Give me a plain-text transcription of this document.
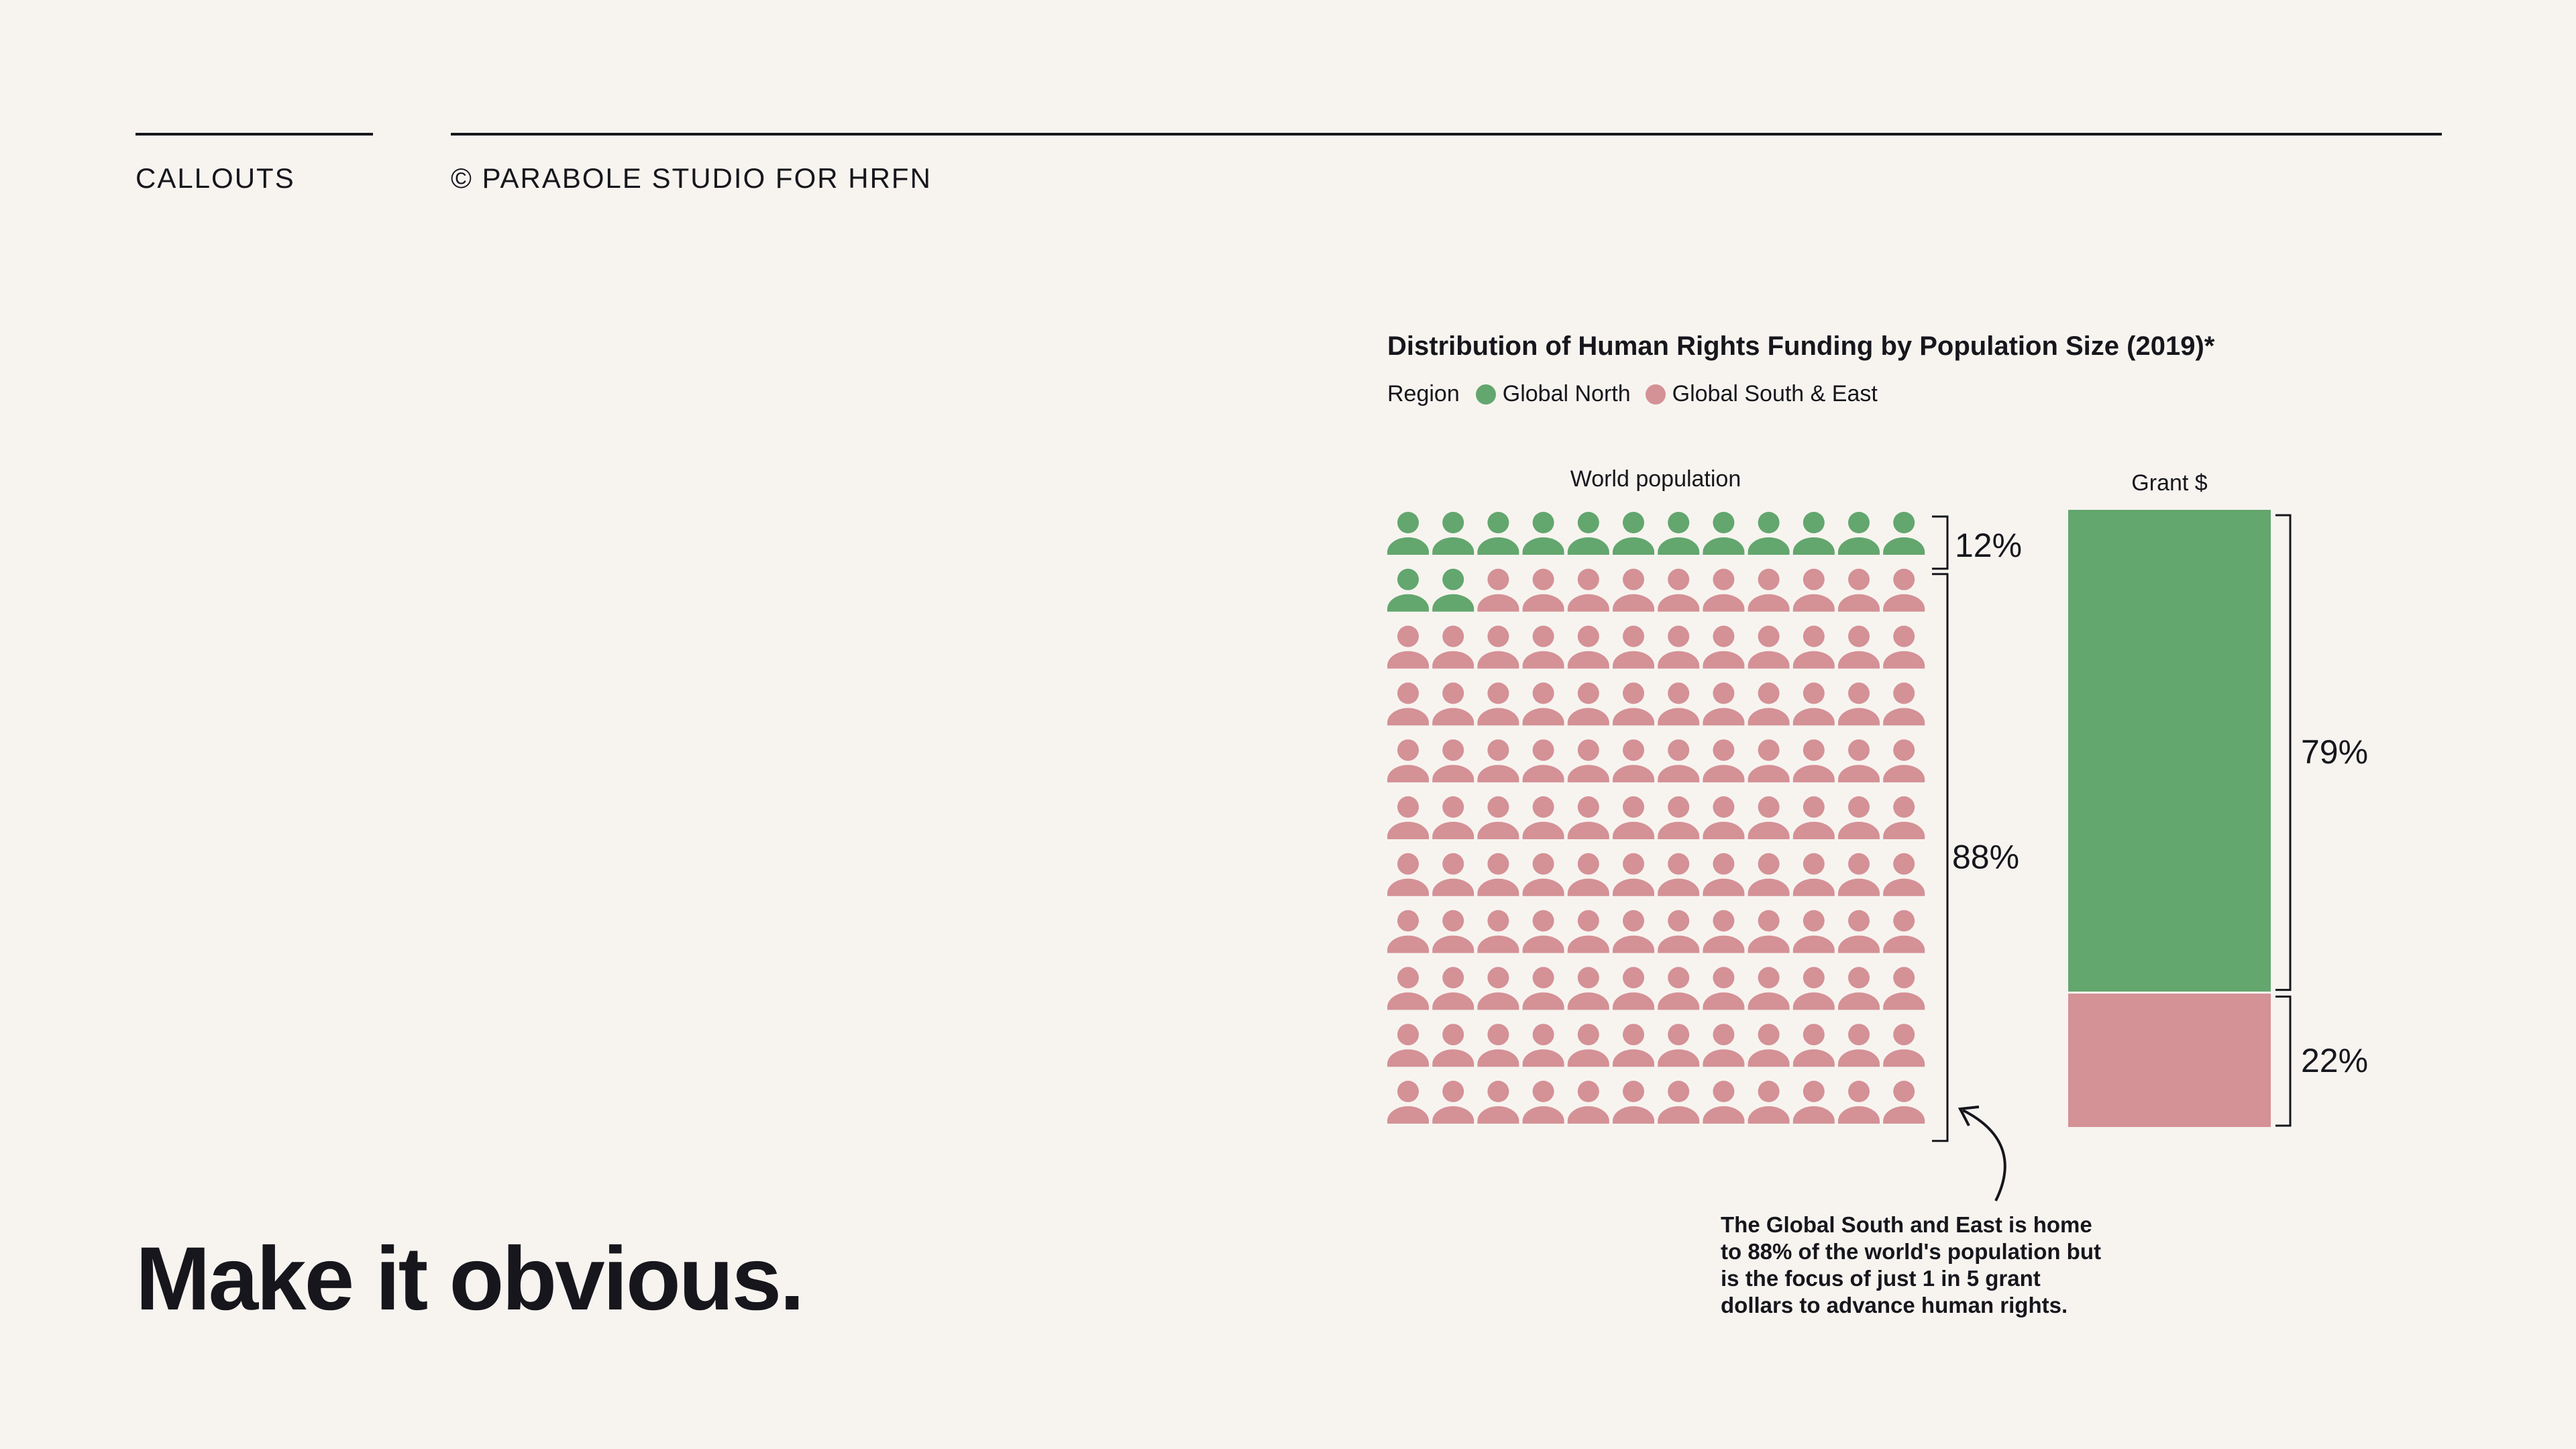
CALLOUTS	© PARABOLE STUDIO FOR HRFN
Distribution of Human Rights Funding by Population Size (2019)*
Region Global North Global South & East
World population	Grant $
12%
88%
79%
22%
The Global South and East is home to 88% of the world's population but is the focus of just 1 in 5 grant dollars to advance human rights.
Make it obvious.
